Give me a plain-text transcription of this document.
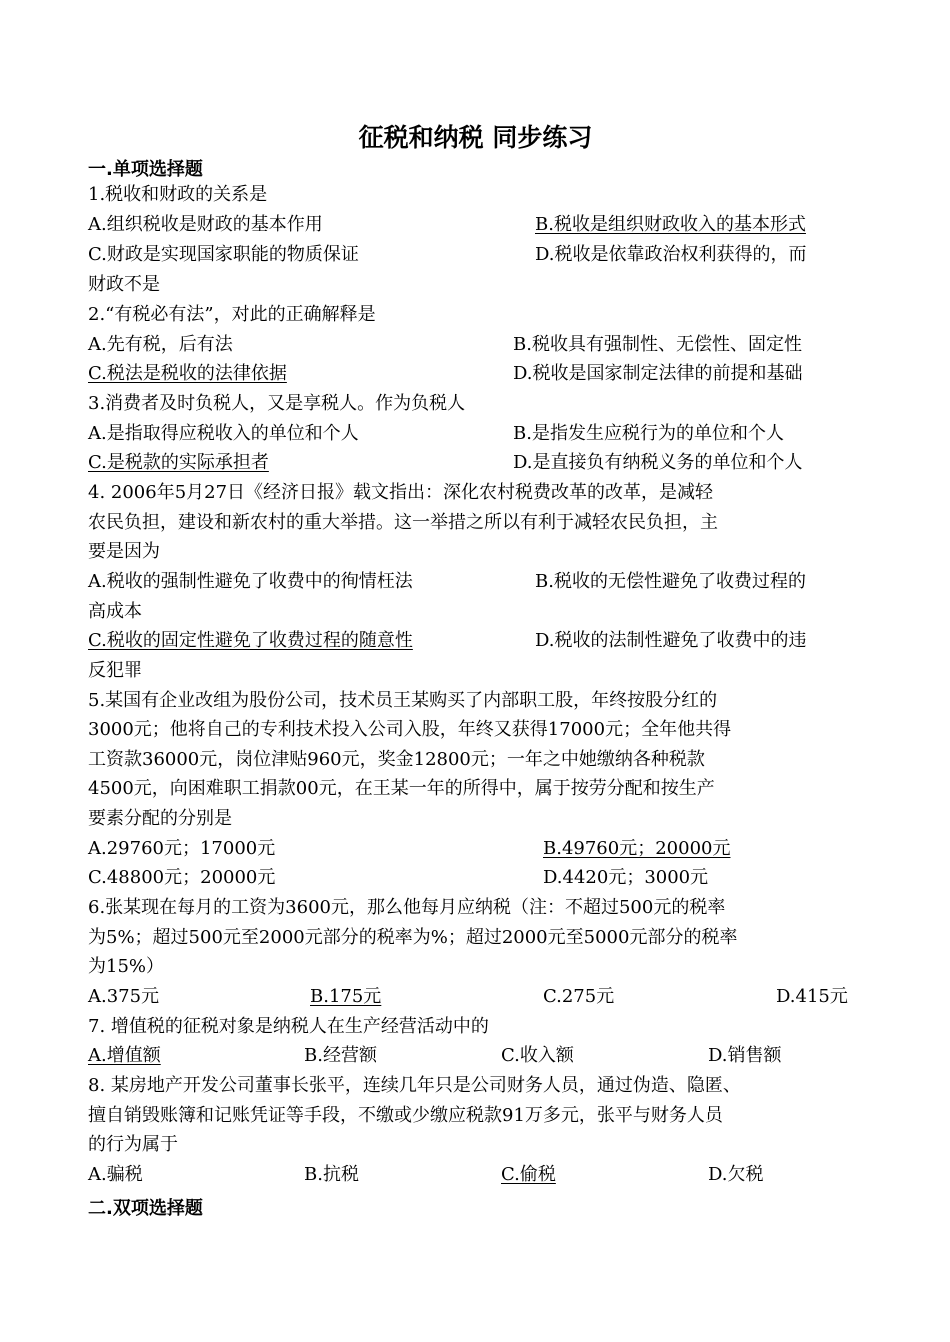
征税和纳税 同步练习
一.单项选择题
1.税收和财政的关系是
A.组织税收是财政的基本作用	B.税收是组织财政收入的基本形式
C.财政是实现国家职能的物质保证	D.税收是依靠政治权利获得的，而
财政不是
2.“有税必有法”，对此的正确解释是
A.先有税，后有法	B.税收具有强制性、无偿性、固定性
C.税法是税收的法律依据	D.税收是国家制定法律的前提和基础
3.消费者及时负税人，又是享税人。作为负税人
A.是指取得应税收入的单位和个人	B.是指发生应税行为的单位和个人
C.是税款的实际承担者	D.是直接负有纳税义务的单位和个人
4. 2006年5月27日《经济日报》载文指出：深化农村税费改革的改革，是减轻
农民负担，建设和新农村的重大举措。这一举措之所以有利于减轻农民负担，主
要是因为
A.税收的强制性避免了收费中的徇情枉法	B.税收的无偿性避免了收费过程的
高成本
C.税收的固定性避免了收费过程的随意性	D.税收的法制性避免了收费中的违
反犯罪
5.某国有企业改组为股份公司，技术员王某购买了内部职工股，年终按股分红的
3000元；他将自己的专利技术投入公司入股，年终又获得17000元；全年他共得
工资款36000元，岗位津贴960元，奖金12800元；一年之中她缴纳各种税款
4500元，向困难职工捐款00元，在王某一年的所得中，属于按劳分配和按生产
要素分配的分别是
A.29760元；17000元	B.49760元；20000元
C.48800元；20000元	D.4420元；3000元
6.张某现在每月的工资为3600元，那么他每月应纳税（注：不超过500元的税率
为5%；超过500元至2000元部分的税率为%；超过2000元至5000元部分的税率
为15%）
A.375元	B.175元	C.275元	D.415元
7. 增值税的征税对象是纳税人在生产经营活动中的
A.增值额	B.经营额	C.收入额	D.销售额
8. 某房地产开发公司董事长张平，连续几年只是公司财务人员，通过伪造、隐匿、
擅自销毁账簿和记账凭证等手段，不缴或少缴应税款91万多元，张平与财务人员
的行为属于
A.骗税	B.抗税	C.偷税	D.欠税
二.双项选择题
